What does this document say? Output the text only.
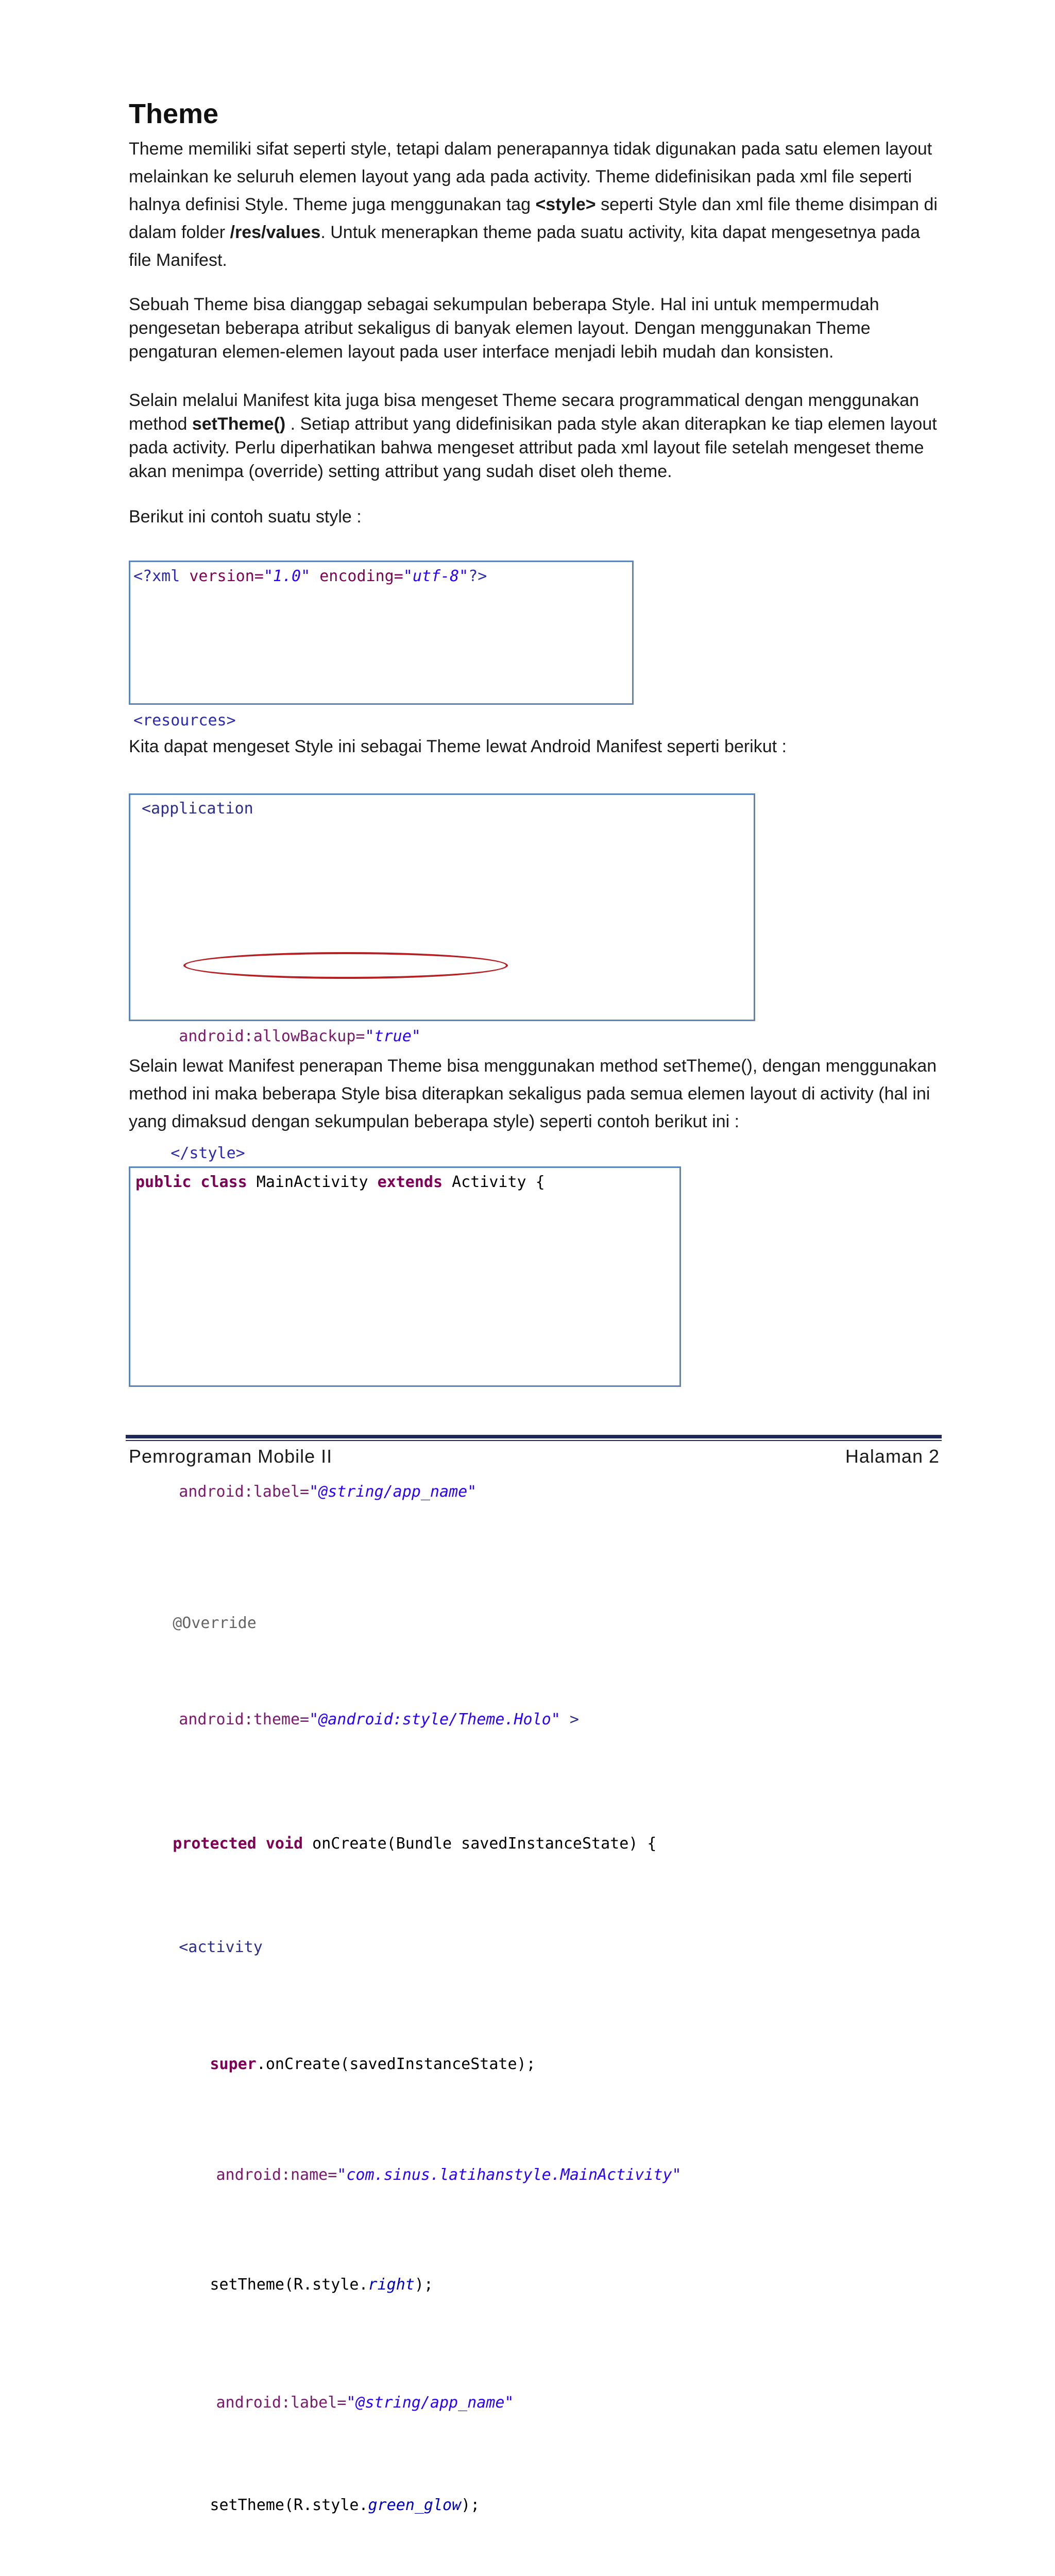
Theme
Theme memiliki sifat seperti style, tetapi dalam penerapannya tidak digunakan pada satu elemen layout melainkan ke seluruh elemen layout yang ada pada activity. Theme didefinisikan pada xml file seperti halnya definisi Style. Theme juga menggunakan tag <style> seperti Style dan xml file theme disimpan di dalam folder /res/values. Untuk menerapkan theme pada suatu activity, kita dapat mengesetnya pada file Manifest.
Sebuah Theme bisa dianggap sebagai sekumpulan beberapa Style. Hal ini untuk mempermudah pengesetan beberapa atribut sekaligus di banyak elemen layout. Dengan menggunakan Theme pengaturan elemen-elemen layout pada user interface menjadi lebih mudah dan konsisten.
Selain melalui Manifest kita juga bisa mengeset Theme secara programmatical dengan menggunakan method setTheme() . Setiap attribut yang didefinisikan pada style akan diterapkan ke tiap elemen layout pada activity. Perlu diperhatikan bahwa mengeset attribut pada xml layout file setelah mengeset theme akan menimpa (override) setting attribut yang sudah diset oleh theme.
Berikut ini contoh suatu style :
<?xml version="1.0" encoding="utf-8"?>
<resources>
</style>
Kita dapat mengeset Style ini sebagai Theme lewat Android Manifest seperti berikut :
<application
android:allowBackup="true"
android:label="@string/app_name"
android:theme="@android:style/Theme.Holo" >
<activity
android:name="com.sinus.latihanstyle.MainActivity"
android:label="@string/app_name"
Selain lewat Manifest penerapan Theme bisa menggunakan method setTheme(), dengan menggunakan method ini maka beberapa Style bisa diterapkan sekaligus pada semua elemen layout di activity (hal ini yang dimaksud dengan sekumpulan beberapa style) seperti contoh berikut ini :
public class MainActivity extends Activity {
@Override
protected void onCreate(Bundle savedInstanceState) {
super.onCreate(savedInstanceState);
setTheme(R.style.right);
setTheme(R.style.green_glow);
Pemrograman Mobile II	Halaman 2
